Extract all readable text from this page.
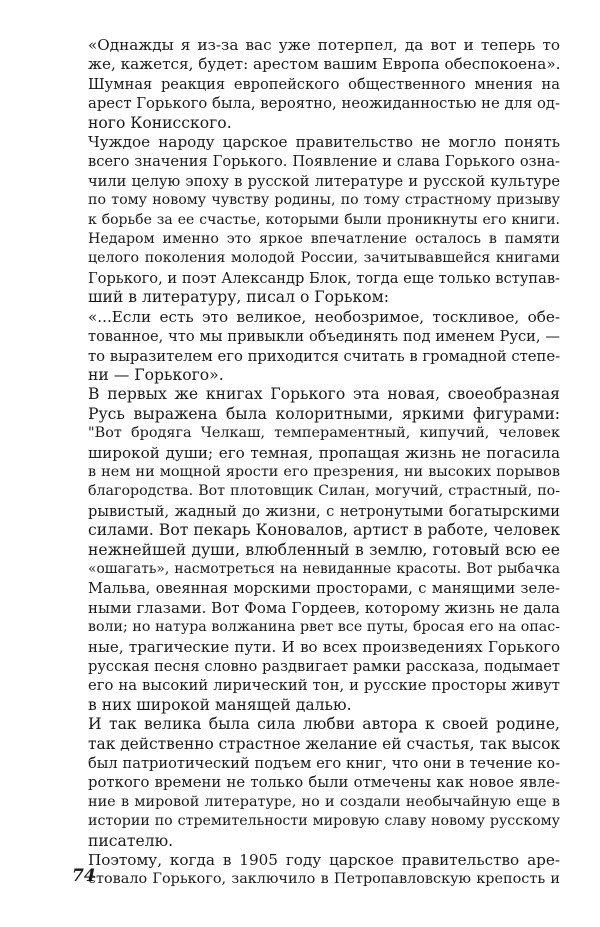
«Однажды я из-за вас уже потерпел, да вот и теперь то
же, кажется, будет: арестом вашим Европа обеспокоена».

Шумная реакция европейского общественного мнения на
арест Горького была, вероятно, неожиданностью не для од-
ного Конисского.

Чуждое народу царское правительство не могло понять
всего значения Горького. Появление и слава Горького озна-
чили целую эпоху в русской литературе и русской культуре
по тому новому чувству родины, по тому страстному призыву
к борьбе за ее счастье, которыми были проникнуты его книги.

Недаром именно это яркое впечатление осталось в памяти
целого поколения молодой России, зачитывавшейся книгами
Горького, и поэт Александр Блок, тогда еще только вступав-
ший в литературу, писал о Горьком:

«...Если есть это великое, необозримое, тоскливое, обе-
тованное, что мы привыкли объединять под именем Руси, —
то выразителем его приходится считать в громадной степе-
ни — Горького».

В первых же книгах Горького эта новая, своеобразная
Русь выражена была колоритными, яркими фигурами:

"Вот бродяга Челкаш, темпераментный, кипучий, человек
широкой души; его темная, пропащая жизнь не погасила
в нем ни мощной ярости его презрения, ни высоких порывов
благородства. Вот плотовщик Силан, могучий, страстный, по-
рывистый, жадный до жизни, с нетронутыми богатырскими
силами. Вот пекарь Коновалов, артист в работе, человек
нежнейшей души, влюбленный в землю, готовый всю ее
«ошагать», насмотреться на невиданные красоты. Вот рыбачка
Мальва, овеянная морскими просторами, с манящими зеле-
ными глазами. Вот Фома Гордеев, которому жизнь не дала
воли; но натура волжанина рвет все путы, бросая его на опас-
ные, трагические пути. И во всех произведениях Горького
русская песня словно раздвигает рамки рассказа, подымает
его на высокий лирический тон, и русские просторы живут
в них широкой манящей далью.

И так велика была сила любви автора к своей родине,
так действенно страстное желание ей счастья, так высок
был патриотический подъем его книг, что они в течение ко-
роткого времени не только были отмечены как новое явле-
ние в мировой литературе, но и создали необычайную еще в
истории по стремительности мировую славу новому русскому
писателю.

Поэтому, когда в 1905 году царское правительство аре-
стовало Горького, заключило в Петропавловскую крепость и

74
